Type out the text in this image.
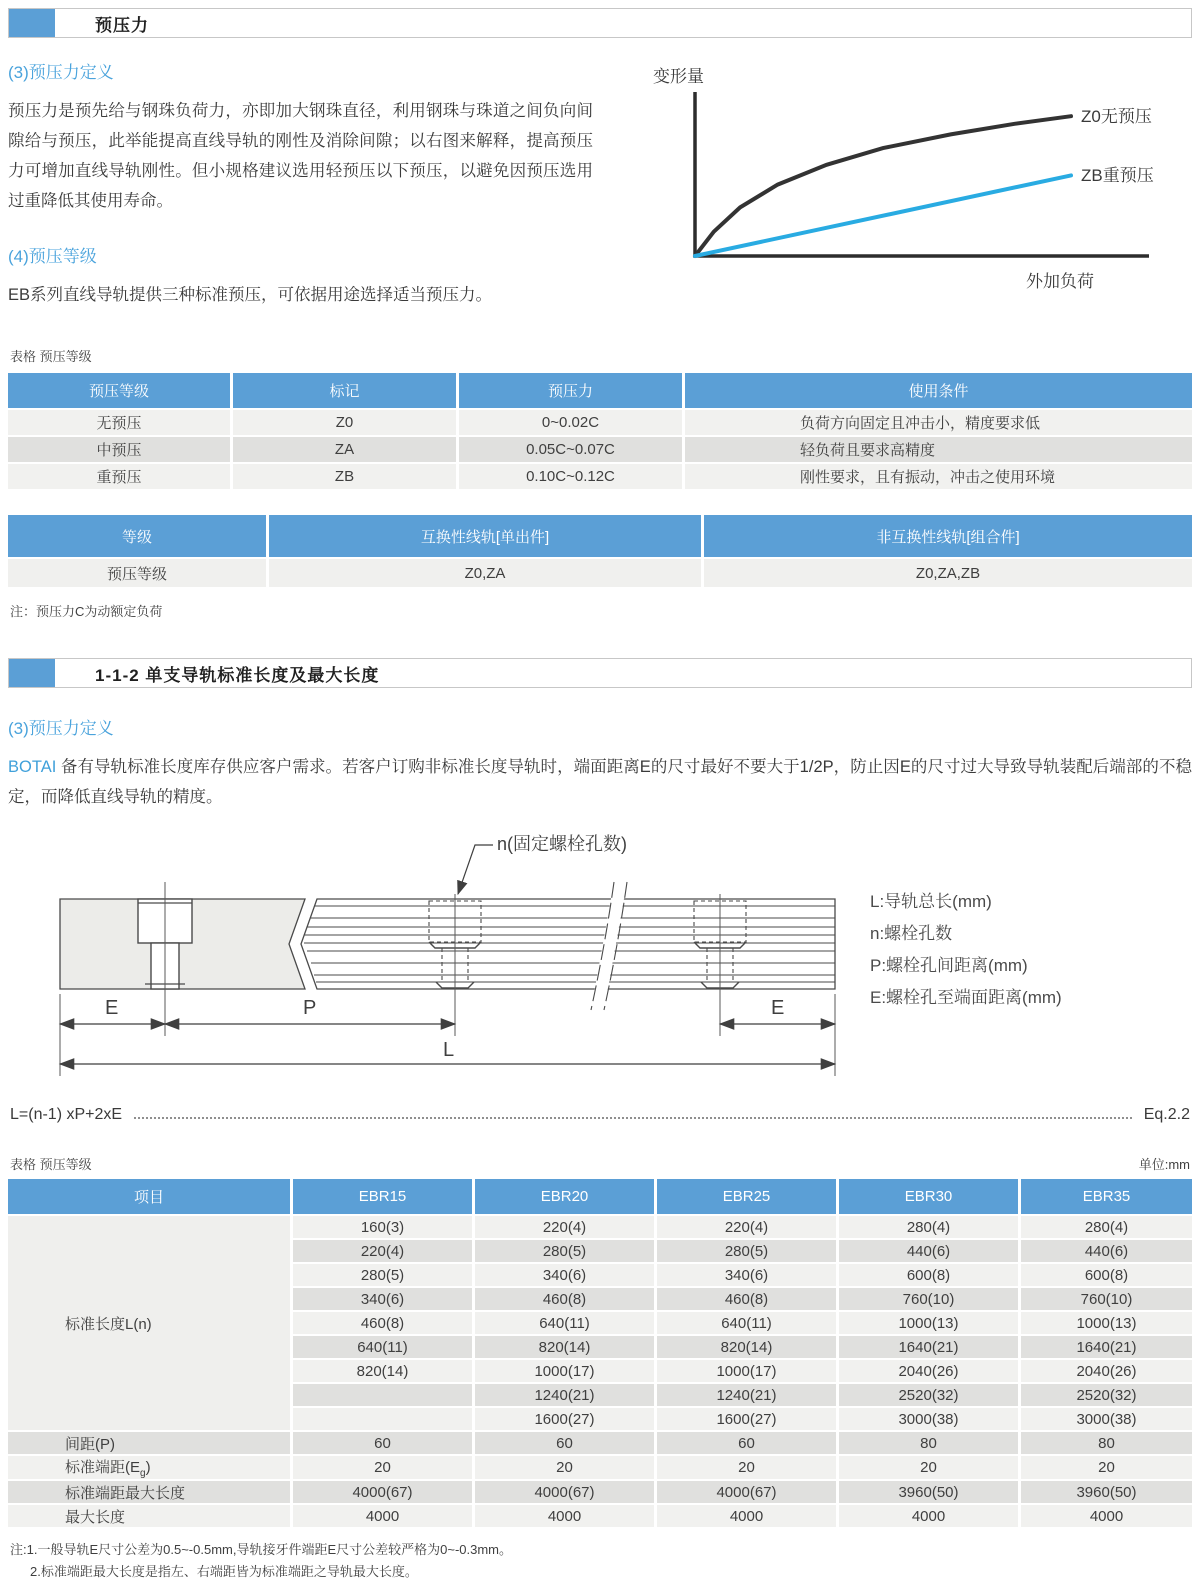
预压力
(3)预压力定义

预压力是预先给与钢珠负荷力，亦即加大钢珠直径，利用钢珠与珠道之间负向间隙给与预压，此举能提高直线导轨的刚性及消除间隙；以右图来解释，提高预压力可增加直线导轨刚性。但小规格建议选用轻预压以下预压，以避免因预压选用过重降低其使用寿命。

(4)预压等级

EB系列直线导轨提供三种标准预压，可依据用途选择适当预压力。

变形量
Z0无预压
ZB重预压
外加负荷
表格 预压等级
预压等级	标记	预压力	使用条件
无预压	Z0	0~0.02C	负荷方向固定且冲击小，精度要求低
中预压	ZA	0.05C~0.07C	轻负荷且要求高精度
重预压	ZB	0.10C~0.12C	刚性要求，且有振动，冲击之使用环境
等级	互换性线轨[单出件]	非互换性线轨[组合件]
预压等级	Z0,ZA	Z0,ZA,ZB
注：预压力C为动额定负荷
1-1-2 单支导轨标准长度及最大长度
(3)预压力定义

BOTAI 备有导轨标准长度库存供应客户需求。若客户订购非标准长度导轨时，端面距离E的尺寸最好不要大于1/2P，防止因E的尺寸过大导致导轨装配后端部的不稳定，而降低直线导轨的精度。

E	P	E
L
n(固定螺栓孔数)
L:导轨总长(mm)
n:螺栓孔数
P:螺栓孔间距离(mm)
E:螺栓孔至端面距离(mm)
L=(n-1) xP+2xE	Eq.2.2
表格 预压等级	单位:mm
项目	EBR15	EBR20	EBR25	EBR30	EBR35
标准长度L(n)	160(3)	220(4)	220(4)	280(4)	280(4)
	220(4)	280(5)	280(5)	440(6)	440(6)
	280(5)	340(6)	340(6)	600(8)	600(8)
	340(6)	460(8)	460(8)	760(10)	760(10)
	460(8)	640(11)	640(11)	1000(13)	1000(13)
	640(11)	820(14)	820(14)	1640(21)	1640(21)
	820(14)	1000(17)	1000(17)	2040(26)	2040(26)
		1240(21)	1240(21)	2520(32)	2520(32)
		1600(27)	1600(27)	3000(38)	3000(38)
间距(P)	60	60	60	80	80
标准端距$(E_g)$	20	20	20	20	20
标准端距最大长度	4000(67)	4000(67)	4000(67)	3960(50)	3960(50)
最大长度	4000	4000	4000	4000	4000
注:1.一般导轨E尺寸公差为0.5~-0.5mm,导轨接牙件端距E尺寸公差较严格为0~-0.3mm。
2.标准端距最大长度是指左、右端距皆为标准端距之导轨最大长度。
